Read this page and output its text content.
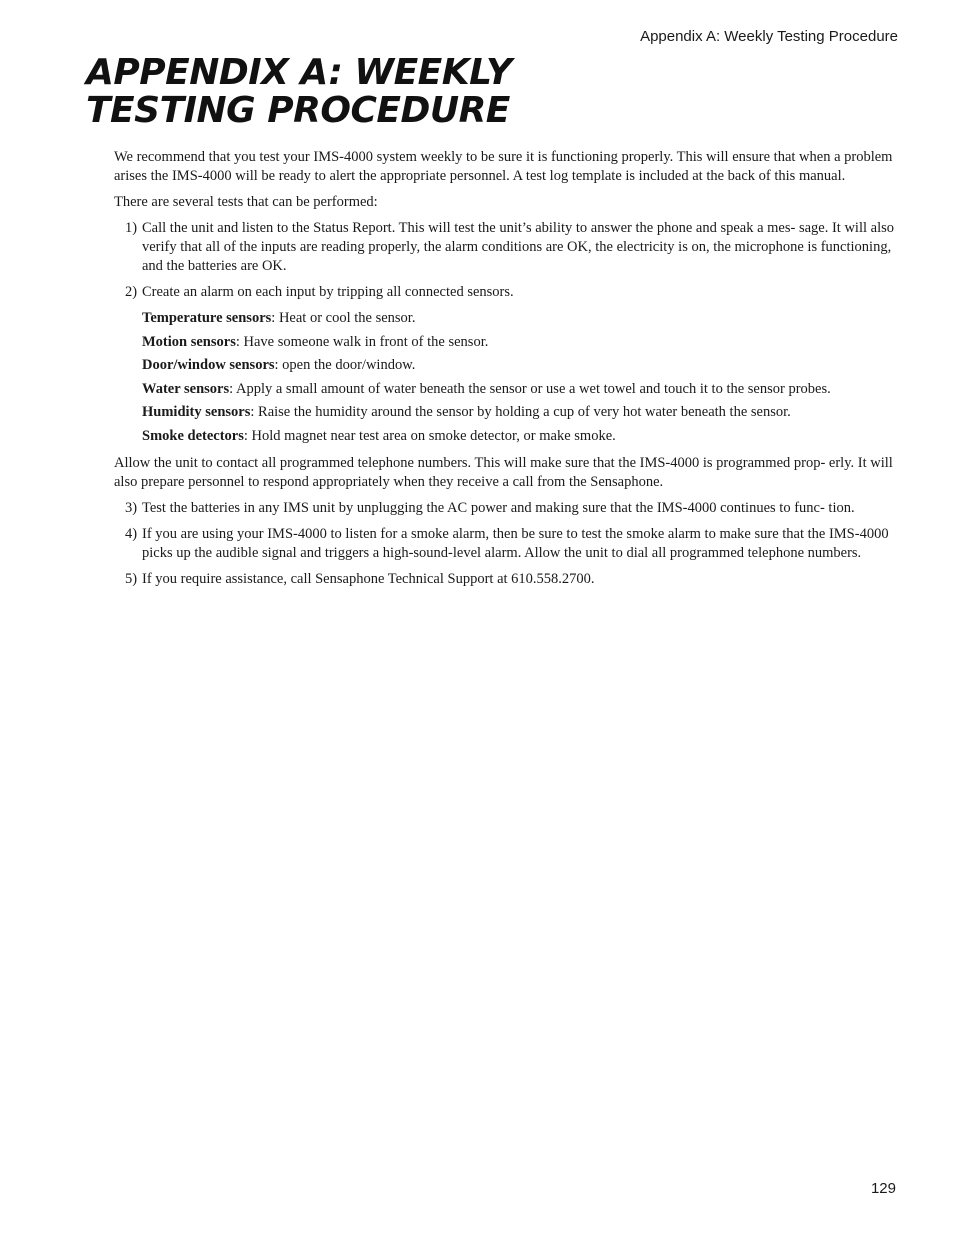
Appendix A: Weekly Testing Procedure
APPENDIX A: WEEKLY
TESTING PROCEDURE

We recommend that you test your IMS-4000 system weekly to be sure it is functioning properly. This will ensure that when a problem arises the IMS-4000 will be ready to alert the appropriate personnel. A test log template is included at the back of this manual.

There are several tests that can be performed:

1) Call the unit and listen to the Status Report. This will test the unit’s ability to answer the phone and speak a mes- sage. It will also verify that all of the inputs are reading properly, the alarm conditions are OK, the electricity is on, the microphone is functioning, and the batteries are OK.
2) Create an alarm on each input by tripping all connected sensors.
Temperature sensors: Heat or cool the sensor.
Motion sensors: Have someone walk in front of the sensor.
Door/window sensors: open the door/window.
Water sensors: Apply a small amount of water beneath the sensor or use a wet towel and touch it to the sensor probes.
Humidity sensors: Raise the humidity around the sensor by holding a cup of very hot water beneath the sensor.
Smoke detectors: Hold magnet near test area on smoke detector, or make smoke.

Allow the unit to contact all programmed telephone numbers. This will make sure that the IMS-4000 is programmed prop- erly. It will also prepare personnel to respond appropriately when they receive a call from the Sensaphone.

3) Test the batteries in any IMS unit by unplugging the AC power and making sure that the IMS-4000 continues to func- tion.
4) If you are using your IMS-4000 to listen for a smoke alarm, then be sure to test the smoke alarm to make sure that the IMS-4000 picks up the audible signal and triggers a high-sound-level alarm. Allow the unit to dial all programmed telephone numbers.
5) If you require assistance, call Sensaphone Technical Support at 610.558.2700.
129
